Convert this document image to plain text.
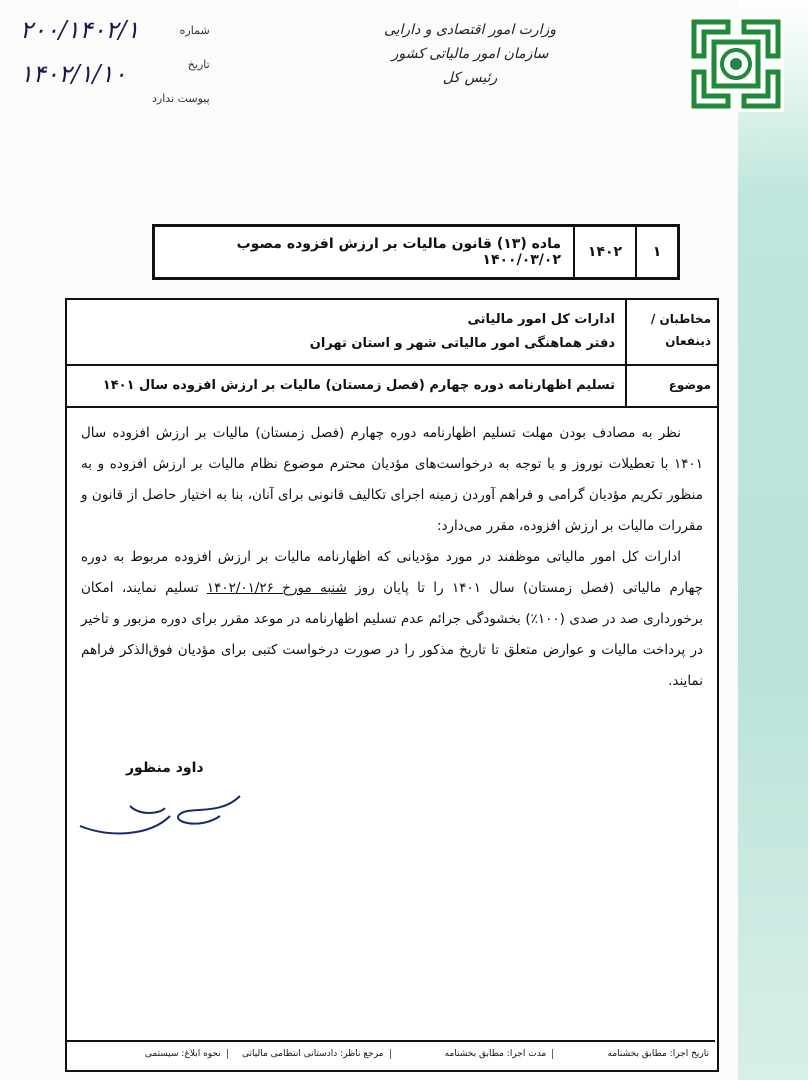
۲۰۰/۱۴۰۲/۱
۱۴۰۲/۱/۱۰
شماره
تاریخ
پیوست ندارد
وزارت امور اقتصادی و دارایی
سازمان امور مالیاتی کشور
رئیس کل
۱
۱۴۰۲
ماده (۱۳) قانون مالیات بر ارزش افزوده مصوب ۱۴۰۰/۰۳/۰۲
مخاطبان /
ذینفعان
ادارات کل امور مالیاتی
دفتر هماهنگی امور مالیاتی شهر و استان تهران
موضوع
تسلیم اظهارنامه دوره چهارم (فصل زمستان) مالیات بر ارزش افزوده سال ۱۴۰۱

نظر به مصادف بودن مهلت تسلیم اظهارنامه دوره چهارم (فصل زمستان) مالیات بر ارزش افزوده سال ۱۴۰۱ با تعطیلات نوروز و با توجه به درخواست‌های مؤدیان محترم موضوع نظام مالیات بر ارزش افزوده و به منظور تکریم مؤدیان گرامی و فراهم آوردن زمینه اجرای تکالیف قانونی برای آنان، بنا به اختیار حاصل از قانون و مقررات مالیات بر ارزش افزوده، مقرر می‌دارد:

ادارات کل امور مالیاتی موظفند در مورد مؤدیانی که اظهارنامه مالیات بر ارزش افزوده مربوط به دوره چهارم مالیاتی (فصل زمستان) سال ۱۴۰۱ را تا پایان روز شنبه مورخ ۱۴۰۲/۰۱/۲۶ تسلیم نمایند، امکان برخورداری صد در صدی (۱۰۰٪) بخشودگی جرائم عدم تسلیم اظهارنامه در موعد مقرر برای دوره مزبور و تاخیر در پرداخت مالیات و عوارض متعلق تا تاریخ مذکور را در صورت درخواست کتبی برای مؤدیان فوق‌الذکر فراهم نمایند.

داود منظور
تاریخ اجرا: مطابق بخشنامه
مدت اجرا: مطابق بخشنامه
مرجع ناظر: دادستانی انتظامی مالیاتی
نحوه ابلاغ: سیستمی
